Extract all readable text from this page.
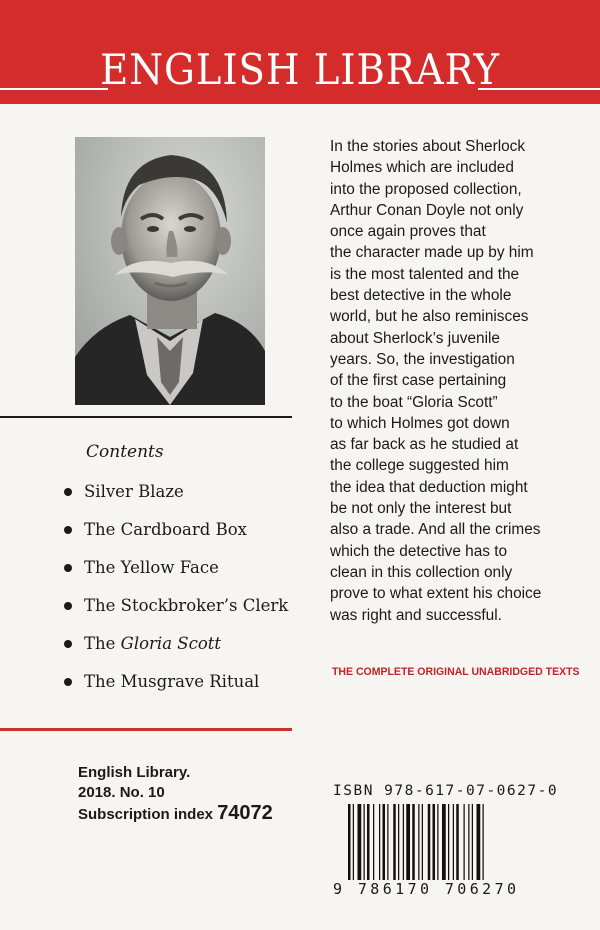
ENGLISH LIBRARY
Contents
Silver Blaze
The Cardboard Box
The Yellow Face
The Stockbroker’s Clerk
The Gloria Scott
The Musgrave Ritual
In the stories about Sherlock
Holmes which are included
into the proposed collection,
Arthur Conan Doyle not only
once again proves that
the character made up by him
is the most talented and the
best detective in the whole
world, but he also reminisces
about Sherlock’s juvenile
years. So, the investigation
of the first case pertaining
to the boat “Gloria Scott”
to which Holmes got down
as far back as he studied at
the college suggested him
the idea that deduction might
be not only the interest but
also a trade. And all the crimes
which the detective has to
clean in this collection only
prove to what extent his choice
was right and successful.
THE COMPLETE ORIGINAL UNABRIDGED TEXTS
English Library.
2018. No. 10
Subscription index 74072
ISBN 978-617-07-0627-0
9 786170 706270
